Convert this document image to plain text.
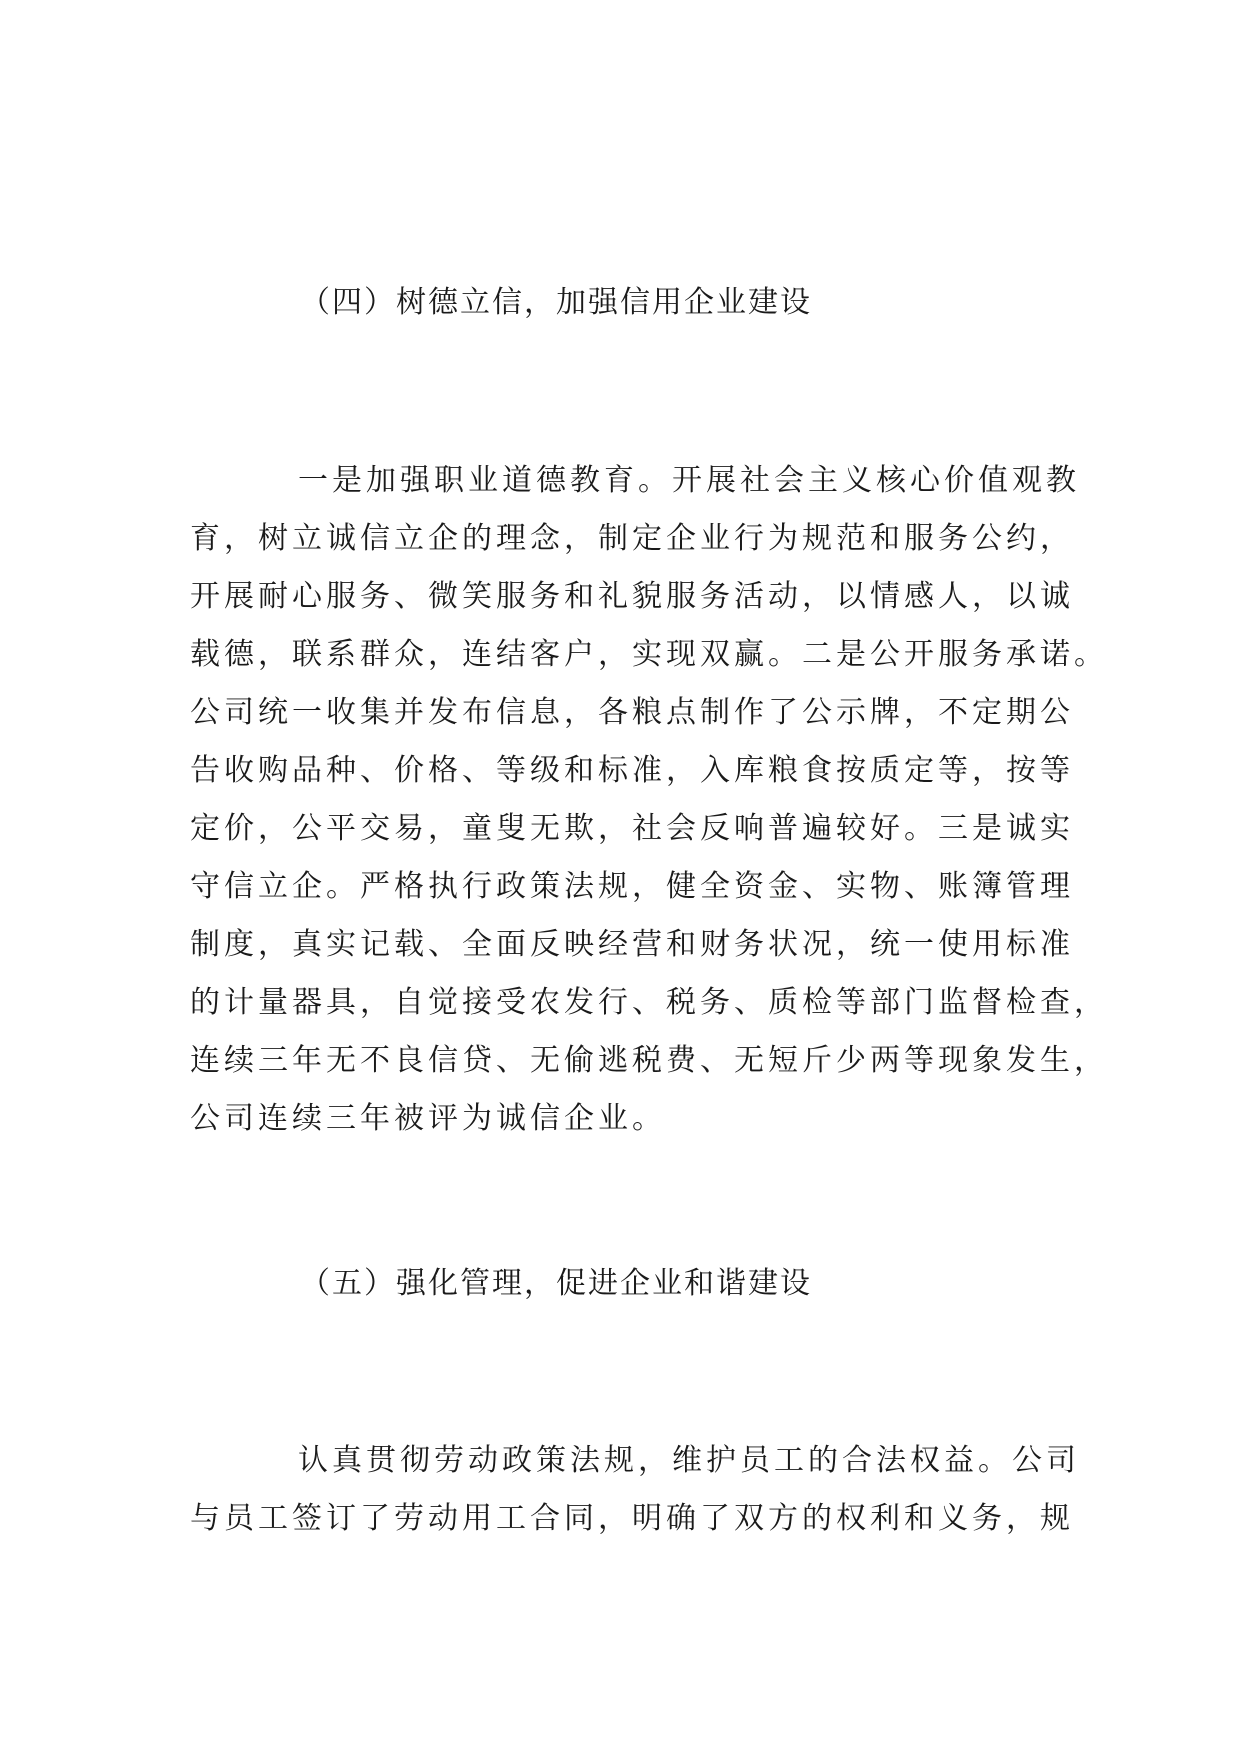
（四）树德立信，加强信用企业建设
一是加强职业道德教育。开展社会主义核心价值观教
育，树立诚信立企的理念，制定企业行为规范和服务公约，
开展耐心服务、微笑服务和礼貌服务活动，以情感人，以诚
载德，联系群众，连结客户，实现双赢。二是公开服务承诺。
公司统一收集并发布信息，各粮点制作了公示牌，不定期公
告收购品种、价格、等级和标准，入库粮食按质定等，按等
定价，公平交易，童叟无欺，社会反响普遍较好。三是诚实
守信立企。严格执行政策法规，健全资金、实物、账簿管理
制度，真实记载、全面反映经营和财务状况，统一使用标准
的计量器具，自觉接受农发行、税务、质检等部门监督检查，
连续三年无不良信贷、无偷逃税费、无短斤少两等现象发生，
公司连续三年被评为诚信企业。
（五）强化管理，促进企业和谐建设
认真贯彻劳动政策法规，维护员工的合法权益。公司
与员工签订了劳动用工合同，明确了双方的权利和义务，规
